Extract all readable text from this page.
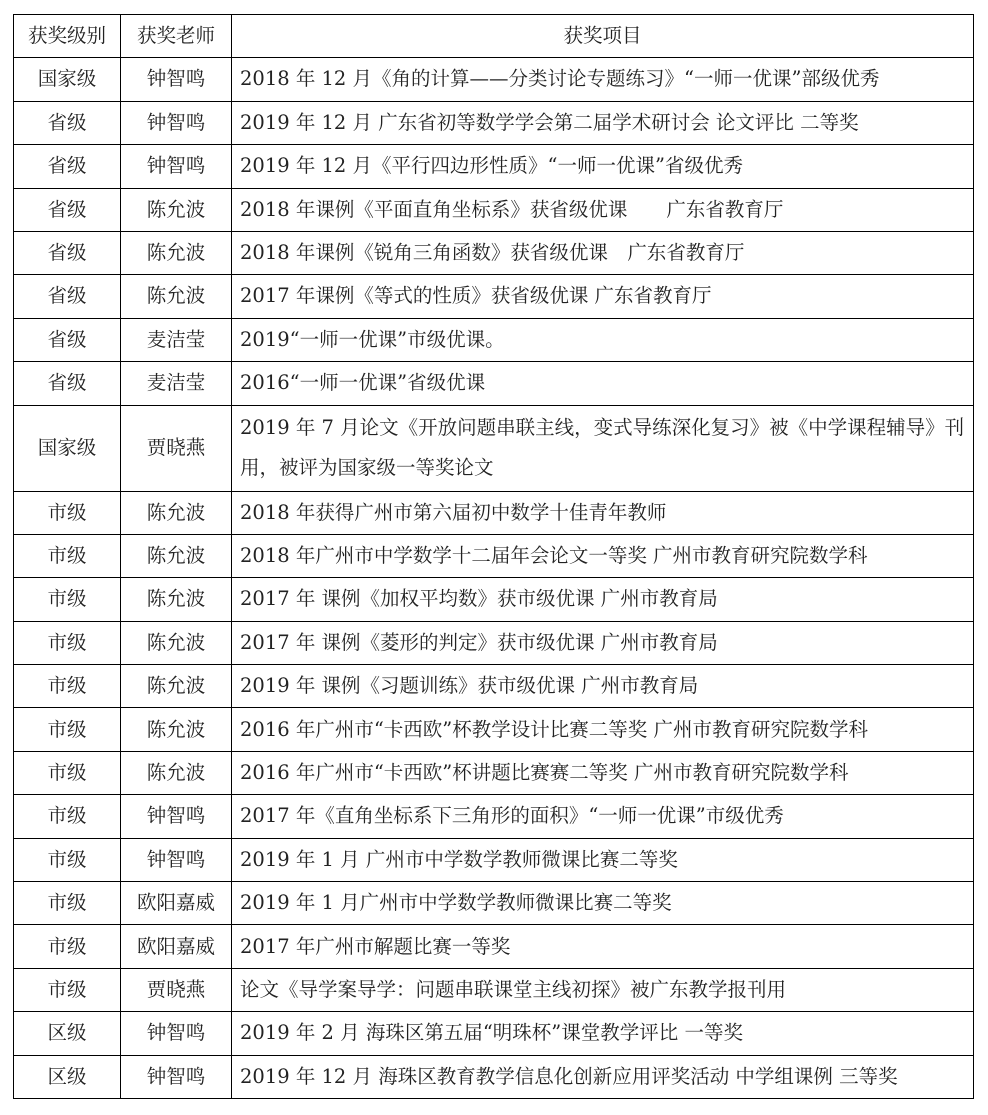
获奖级别	获奖老师	获奖项目
国家级	钟智鸣	2018 年 12 月《角的计算——分类讨论专题练习》“一师一优课”部级优秀
省级	钟智鸣	2019 年 12 月 广东省初等数学学会第二届学术研讨会 论文评比 二等奖
省级	钟智鸣	2019 年 12 月《平行四边形性质》“一师一优课”省级优秀
省级	陈允波	2018 年课例《平面直角坐标系》获省级优课　　广东省教育厅
省级	陈允波	2018 年课例《锐角三角函数》获省级优课　广东省教育厅
省级	陈允波	2017 年课例《等式的性质》获省级优课 广东省教育厅
省级	麦洁莹	2019“一师一优课”市级优课。
省级	麦洁莹	2016“一师一优课”省级优课
国家级	贾晓燕	2019 年 7 月论文《开放问题串联主线，变式导练深化复习》被《中学课程辅导》刊用，被评为国家级一等奖论文
市级	陈允波	2018 年获得广州市第六届初中数学十佳青年教师
市级	陈允波	2018 年广州市中学数学十二届年会论文一等奖 广州市教育研究院数学科
市级	陈允波	2017 年 课例《加权平均数》获市级优课 广州市教育局
市级	陈允波	2017 年 课例《菱形的判定》获市级优课 广州市教育局
市级	陈允波	2019 年 课例《习题训练》获市级优课 广州市教育局
市级	陈允波	2016 年广州市“卡西欧”杯教学设计比赛二等奖 广州市教育研究院数学科
市级	陈允波	2016 年广州市“卡西欧”杯讲题比赛赛二等奖 广州市教育研究院数学科
市级	钟智鸣	2017 年《直角坐标系下三角形的面积》“一师一优课”市级优秀
市级	钟智鸣	2019 年 1 月 广州市中学数学教师微课比赛二等奖
市级	欧阳嘉威	2019 年 1 月广州市中学数学教师微课比赛二等奖
市级	欧阳嘉威	2017 年广州市解题比赛一等奖
市级	贾晓燕	论文《导学案导学：问题串联课堂主线初探》被广东教学报刊用
区级	钟智鸣	2019 年 2 月 海珠区第五届“明珠杯”课堂教学评比 一等奖
区级	钟智鸣	2019 年 12 月 海珠区教育教学信息化创新应用评奖活动 中学组课例 三等奖
